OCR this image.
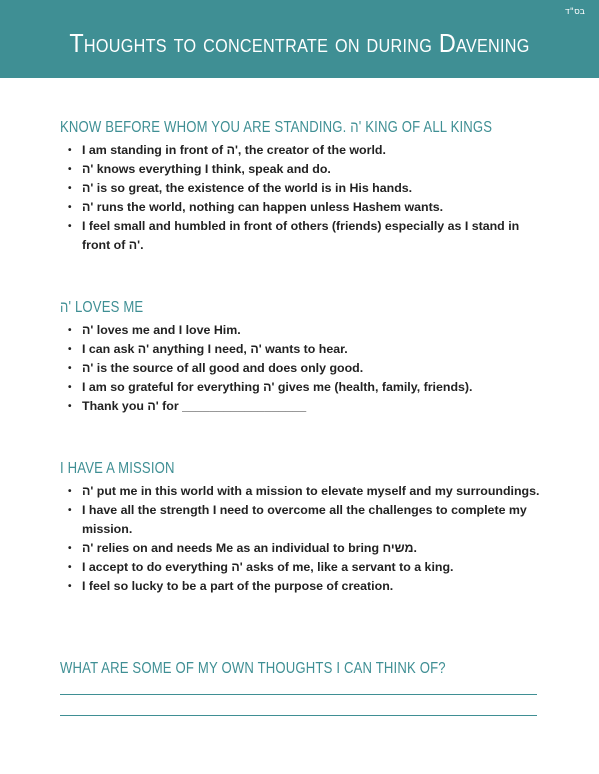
בס"ד
Thoughts to concentrate on during Davening
KNOW BEFORE WHOM YOU ARE STANDING. ה' KING OF ALL KINGS
• I am standing in front of ה', the creator of the world.
• ה' knows everything I think, speak and do.
• ה' is so great, the existence of the world is in His hands.
• ה' runs the world, nothing can happen unless Hashem wants.
• I feel small and humbled in front of others (friends) especially as I stand in front of ה'.
ה' LOVES ME
• ה' loves me and I love Him.
• I can ask ה' anything I need, ה' wants to hear.
• ה' is the source of all good and does only good.
• I am so grateful for everything ה' gives me (health, family, friends).
• Thank you ה' for __________________
I HAVE A MISSION
• ה' put me in this world with a mission to elevate myself and my surroundings.
• I have all the strength I need to overcome all the challenges to complete my mission.
• ה' relies on and needs Me as an individual to bring משיח.
• I accept to do everything ה' asks of me, like a servant to a king.
• I feel so lucky to be a part of the purpose of creation.
WHAT ARE SOME OF MY OWN THOUGHTS I CAN THINK OF?
